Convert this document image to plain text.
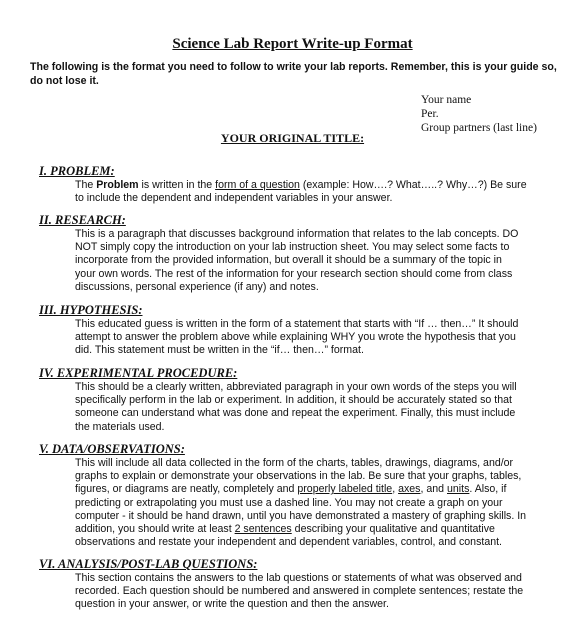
Science Lab Report Write-up Format
The following is the format you need to follow to write your lab reports. Remember, this is your guide so,
do not lose it.
Your name
Per.
Group partners (last line)
YOUR ORIGINAL TITLE:
I. PROBLEM:
The Problem is written in the form of a question (example: How….? What…..? Why…?) Be sure
to include the dependent and independent variables in your answer.
II. RESEARCH:
This is a paragraph that discusses background information that relates to the lab concepts. DO
NOT simply copy the introduction on your lab instruction sheet. You may select some facts to
incorporate from the provided information, but overall it should be a summary of the topic in
your own words. The rest of the information for your research section should come from class
discussions, personal experience (if any) and notes.
III. HYPOTHESIS:
This educated guess is written in the form of a statement that starts with “If … then…” It should
attempt to answer the problem above while explaining WHY you wrote the hypothesis that you
did. This statement must be written in the “if… then…” format.
IV. EXPERIMENTAL PROCEDURE:
This should be a clearly written, abbreviated paragraph in your own words of the steps you will
specifically perform in the lab or experiment. In addition, it should be accurately stated so that
someone can understand what was done and repeat the experiment. Finally, this must include
the materials used.
V. DATA/OBSERVATIONS:
This will include all data collected in the form of the charts, tables, drawings, diagrams, and/or
graphs to explain or demonstrate your observations in the lab. Be sure that your graphs, tables,
figures, or diagrams are neatly, completely and properly labeled title, axes, and units. Also, if
predicting or extrapolating you must use a dashed line. You may not create a graph on your
computer - it should be hand drawn, until you have demonstrated a mastery of graphing skills. In
addition, you should write at least 2 sentences describing your qualitative and quantitative
observations and restate your independent and dependent variables, control, and constant.
VI. ANALYSIS/POST-LAB QUESTIONS:
This section contains the answers to the lab questions or statements of what was observed and
recorded. Each question should be numbered and answered in complete sentences; restate the
question in your answer, or write the question and then the answer.
